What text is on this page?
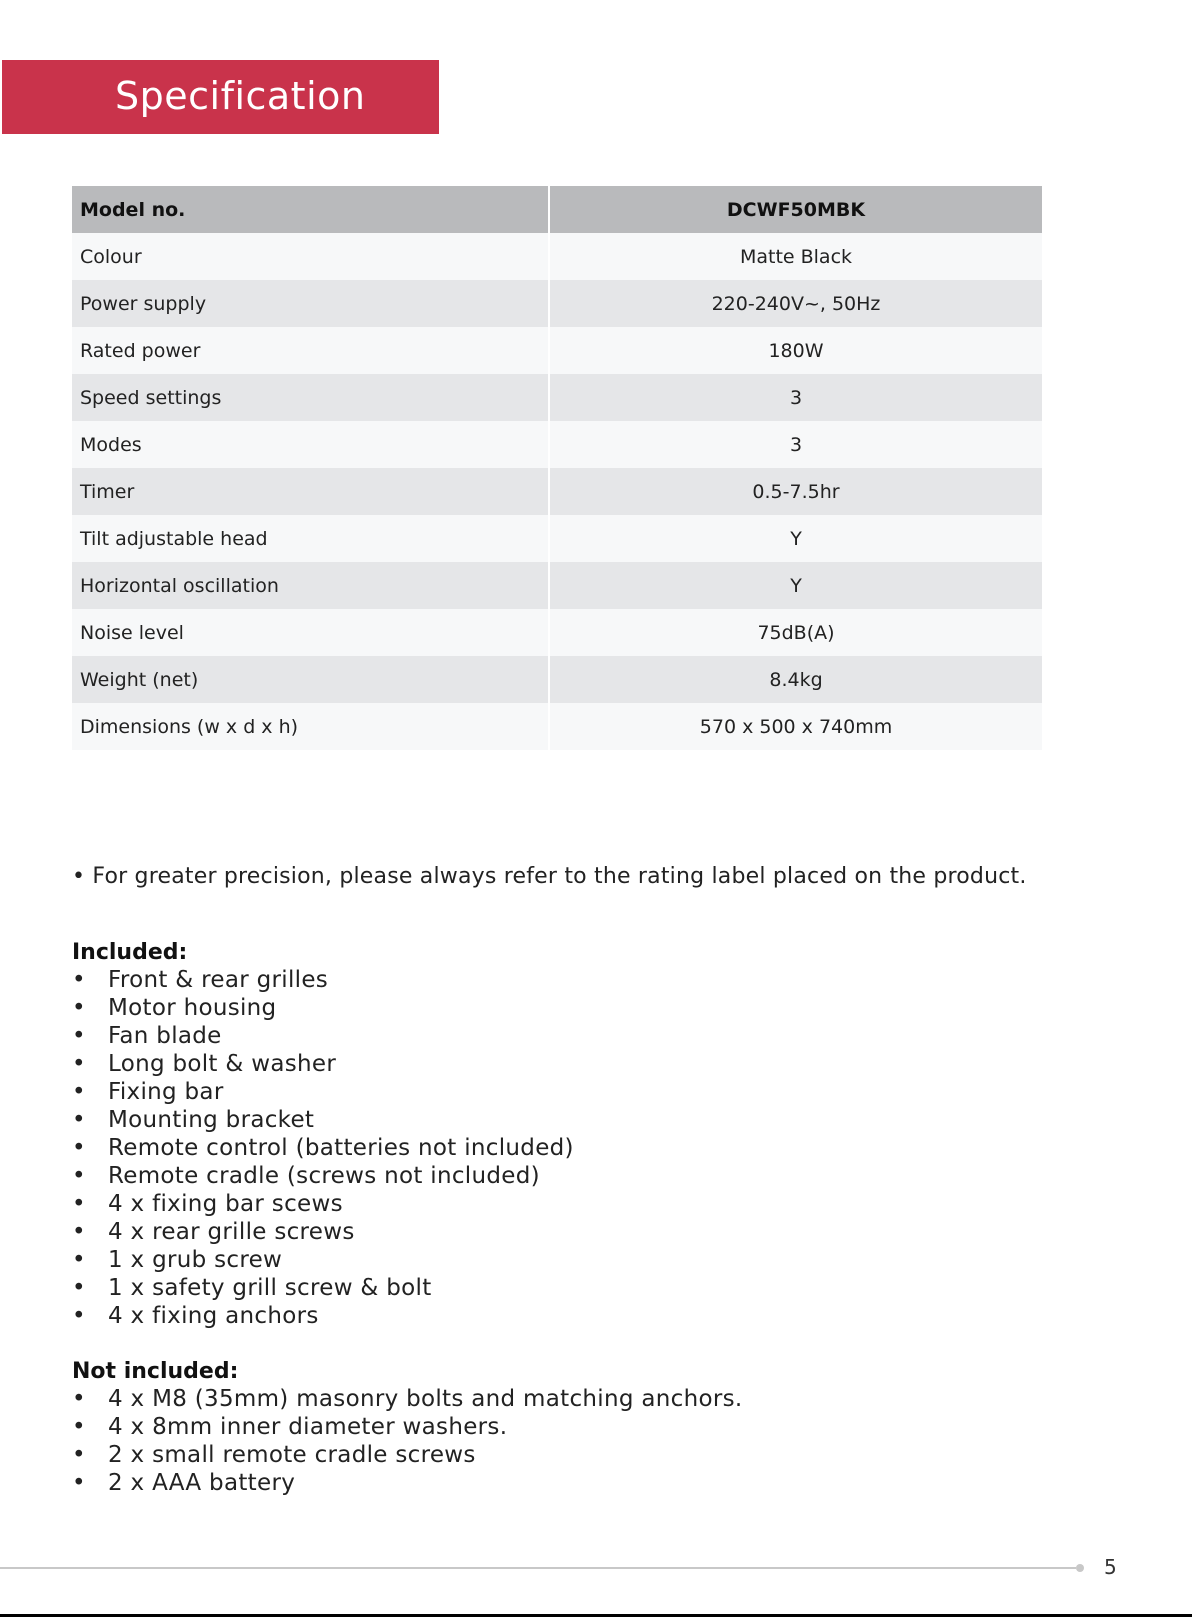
Specification
Model no.	DCWF50MBK
Colour	Matte Black
Power supply	220-240V~, 50Hz
Rated power	180W
Speed settings	3
Modes	3
Timer	0.5-7.5hr
Tilt adjustable head	Y
Horizontal oscillation	Y
Noise level	75dB(A)
Weight (net)	8.4kg
Dimensions (w x d x h)	570 x 500 x 740mm
• For greater precision, please always refer to the rating label placed on the product.
Included:
• Front & rear grilles
• Motor housing
• Fan blade
• Long bolt & washer
• Fixing bar
• Mounting bracket
• Remote control (batteries not included)
• Remote cradle (screws not included)
• 4 x fixing bar scews
• 4 x rear grille screws
• 1 x grub screw
• 1 x safety grill screw & bolt
• 4 x fixing anchors
Not included:
• 4 x M8 (35mm) masonry bolts and matching anchors.
• 4 x 8mm inner diameter washers.
• 2 x small remote cradle screws
• 2 x AAA battery
5
